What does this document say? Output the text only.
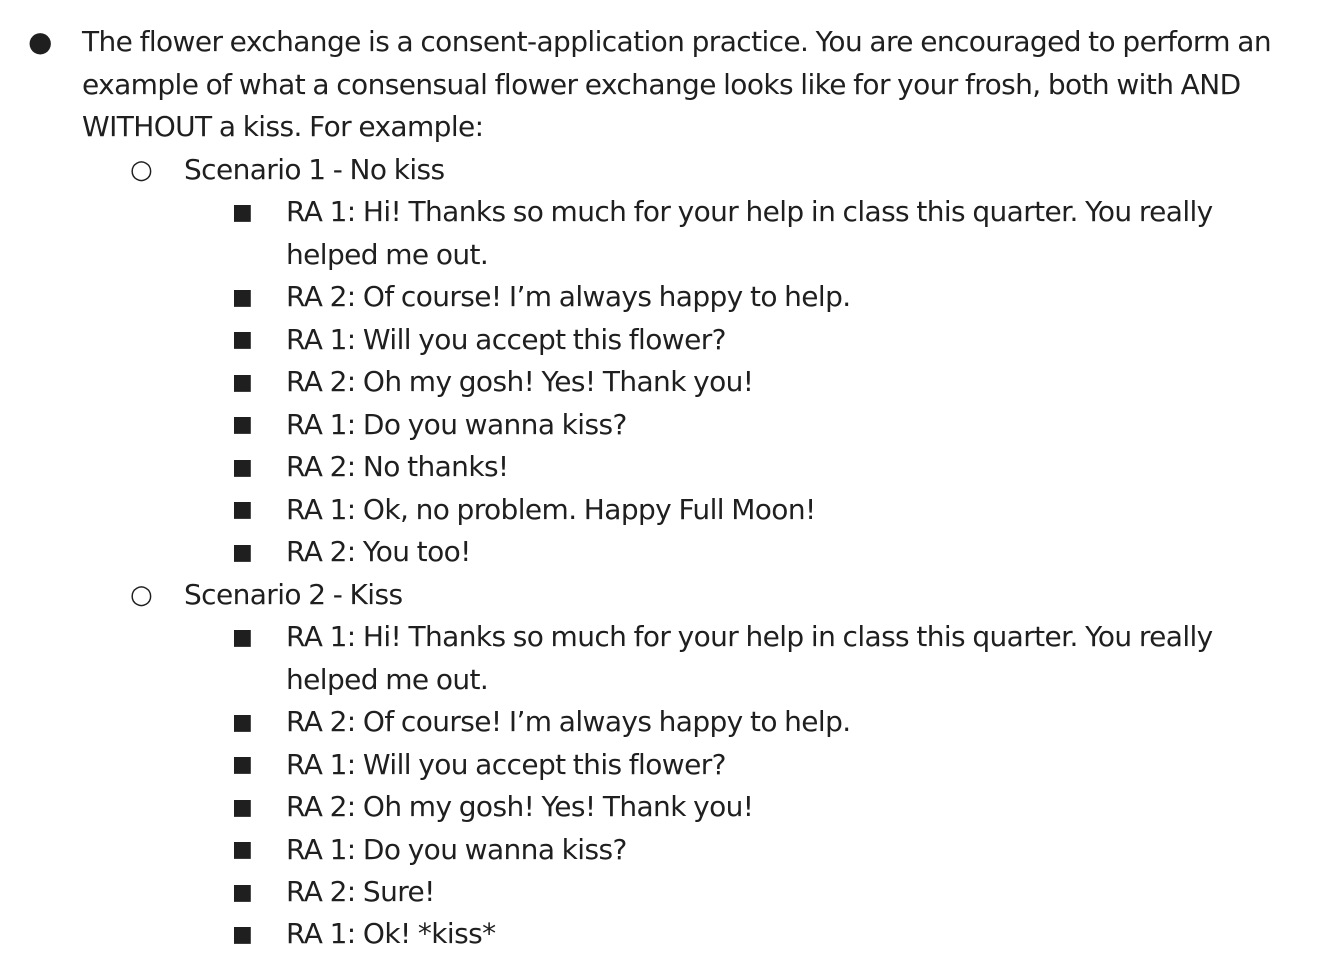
● The flower exchange is a consent-application practice. You are encouraged to perform an example of what a consensual flower exchange looks like for your frosh, both with AND WITHOUT a kiss. For example:
○ Scenario 1 - No kiss
■ RA 1: Hi! Thanks so much for your help in class this quarter. You really
helped me out.
■ RA 2: Of course! I’m always happy to help.
■ RA 1: Will you accept this flower?
■ RA 2: Oh my gosh! Yes! Thank you!
■ RA 1: Do you wanna kiss?
■ RA 2: No thanks!
■ RA 1: Ok, no problem. Happy Full Moon!
■ RA 2: You too!
○ Scenario 2 - Kiss
■ RA 1: Hi! Thanks so much for your help in class this quarter. You really
helped me out.
■ RA 2: Of course! I’m always happy to help.
■ RA 1: Will you accept this flower?
■ RA 2: Oh my gosh! Yes! Thank you!
■ RA 1: Do you wanna kiss?
■ RA 2: Sure!
■ RA 1: Ok! *kiss*
